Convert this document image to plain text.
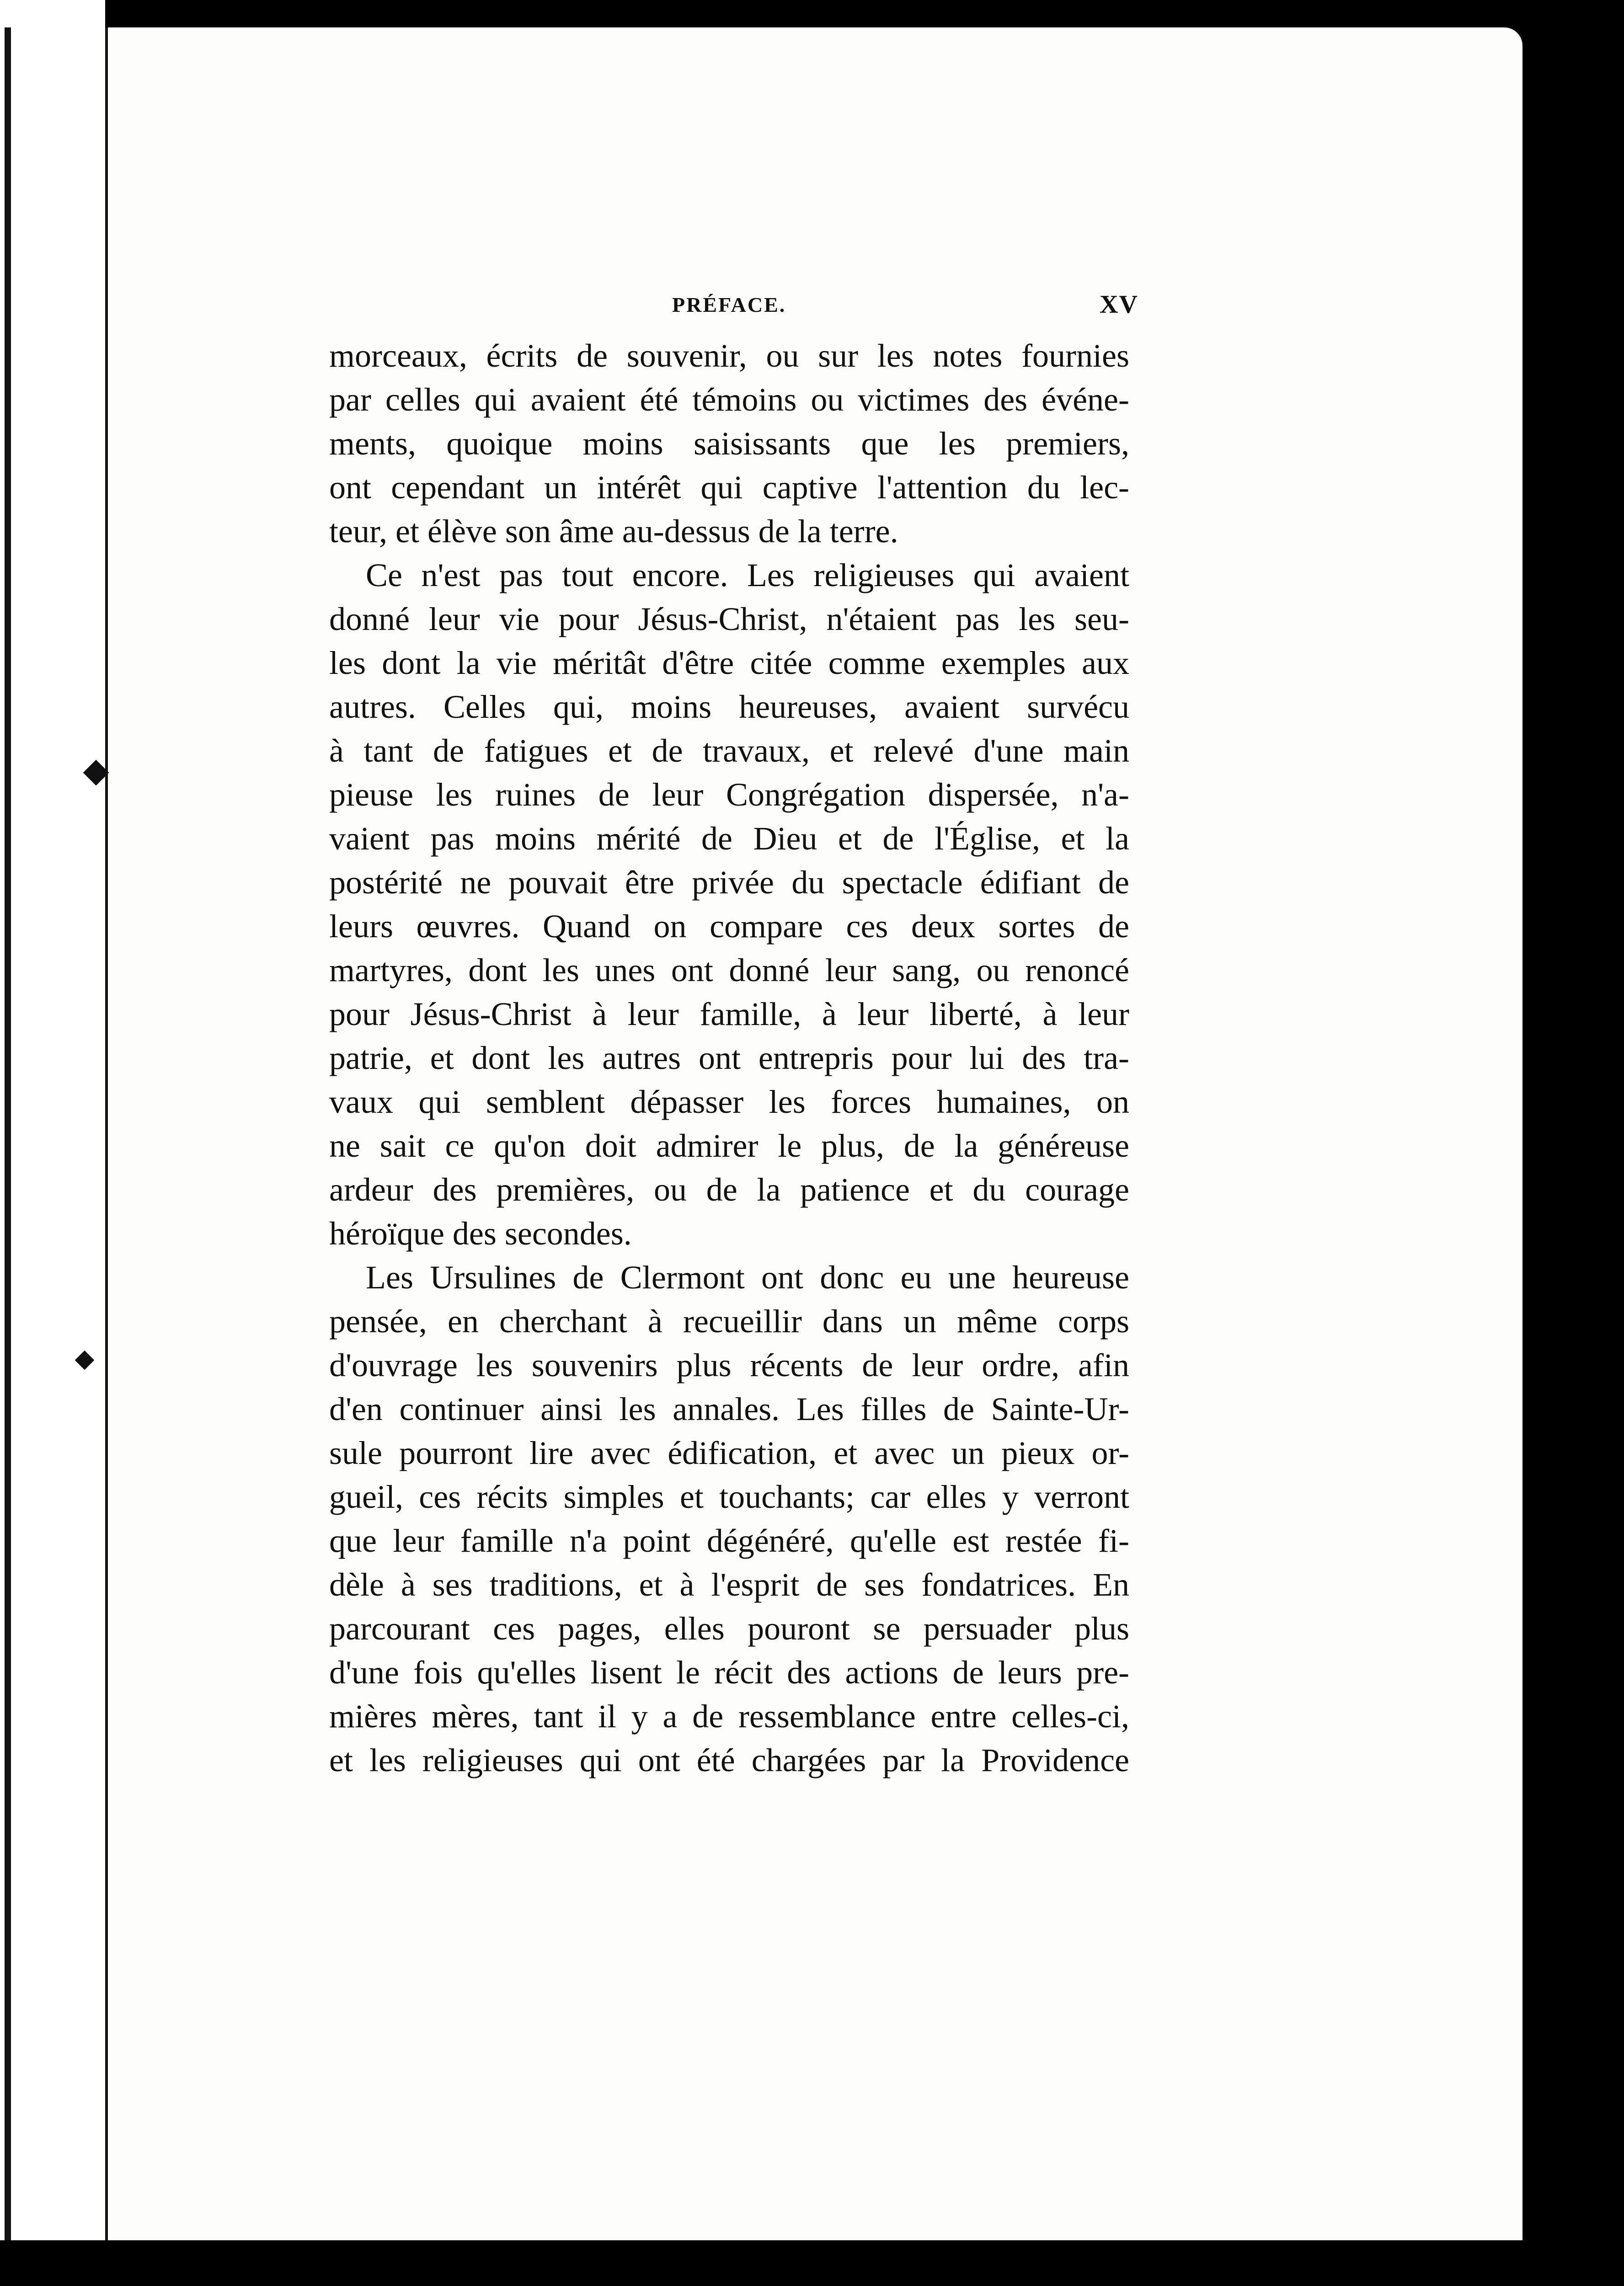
PRÉFACE.	XV
morceaux, écrits de souvenir, ou sur les notes fournies
par celles qui avaient été témoins ou victimes des événe-
ments, quoique moins saisissants que les premiers,
ont cependant un intérêt qui captive l'attention du lec-
teur, et élève son âme au-dessus de la terre.
Ce n'est pas tout encore. Les religieuses qui avaient
donné leur vie pour Jésus-Christ, n'étaient pas les seu-
les dont la vie méritât d'être citée comme exemples aux
autres. Celles qui, moins heureuses, avaient survécu
à tant de fatigues et de travaux, et relevé d'une main
pieuse les ruines de leur Congrégation dispersée, n'a-
vaient pas moins mérité de Dieu et de l'Église, et la
postérité ne pouvait être privée du spectacle édifiant de
leurs œuvres. Quand on compare ces deux sortes de
martyres, dont les unes ont donné leur sang, ou renoncé
pour Jésus-Christ à leur famille, à leur liberté, à leur
patrie, et dont les autres ont entrepris pour lui des tra-
vaux qui semblent dépasser les forces humaines, on
ne sait ce qu'on doit admirer le plus, de la généreuse
ardeur des premières, ou de la patience et du courage
héroïque des secondes.
Les Ursulines de Clermont ont donc eu une heureuse
pensée, en cherchant à recueillir dans un même corps
d'ouvrage les souvenirs plus récents de leur ordre, afin
d'en continuer ainsi les annales. Les filles de Sainte-Ur-
sule pourront lire avec édification, et avec un pieux or-
gueil, ces récits simples et touchants; car elles y verront
que leur famille n'a point dégénéré, qu'elle est restée fi-
dèle à ses traditions, et à l'esprit de ses fondatrices. En
parcourant ces pages, elles pouront se persuader plus
d'une fois qu'elles lisent le récit des actions de leurs pre-
mières mères, tant il y a de ressemblance entre celles-ci,
et les religieuses qui ont été chargées par la Providence
